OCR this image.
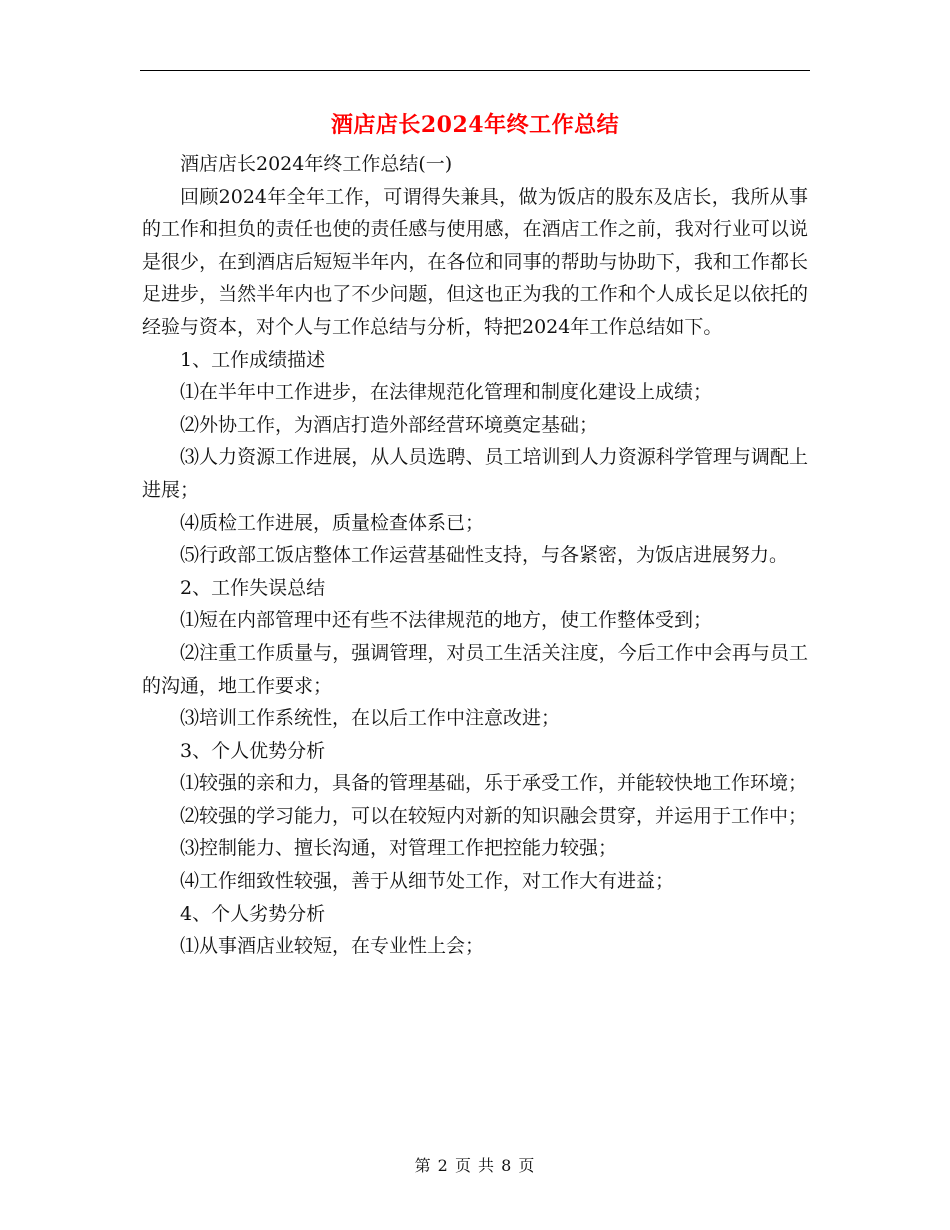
酒店店长2024年终工作总结

酒店店长2024年终工作总结(一)

回顾2024年全年工作，可谓得失兼具，做为饭店的股东及店长，我所从事的工作和担负的责任也使的责任感与使用感，在酒店工作之前，我对行业可以说是很少，在到酒店后短短半年内，在各位和同事的帮助与协助下，我和工作都长足进步，当然半年内也了不少问题，但这也正为我的工作和个人成长足以依托的经验与资本，对个人与工作总结与分析，特把2024年工作总结如下。

1、工作成绩描述

⑴在半年中工作进步，在法律规范化管理和制度化建设上成绩；

⑵外协工作，为酒店打造外部经营环境奠定基础；

⑶人力资源工作进展，从人员选聘、员工培训到人力资源科学管理与调配上进展；

⑷质检工作进展，质量检查体系已；

⑸行政部工饭店整体工作运营基础性支持，与各紧密，为饭店进展努力。

2、工作失误总结

⑴短在内部管理中还有些不法律规范的地方，使工作整体受到；

⑵注重工作质量与，强调管理，对员工生活关注度，今后工作中会再与员工的沟通，地工作要求；

⑶培训工作系统性，在以后工作中注意改进；

3、个人优势分析

⑴较强的亲和力，具备的管理基础，乐于承受工作，并能较快地工作环境；

⑵较强的学习能力，可以在较短内对新的知识融会贯穿，并运用于工作中；

⑶控制能力、擅长沟通，对管理工作把控能力较强；

⑷工作细致性较强，善于从细节处工作，对工作大有进益；

4、个人劣势分析

⑴从事酒店业较短，在专业性上会；

第 2 页 共 8 页
